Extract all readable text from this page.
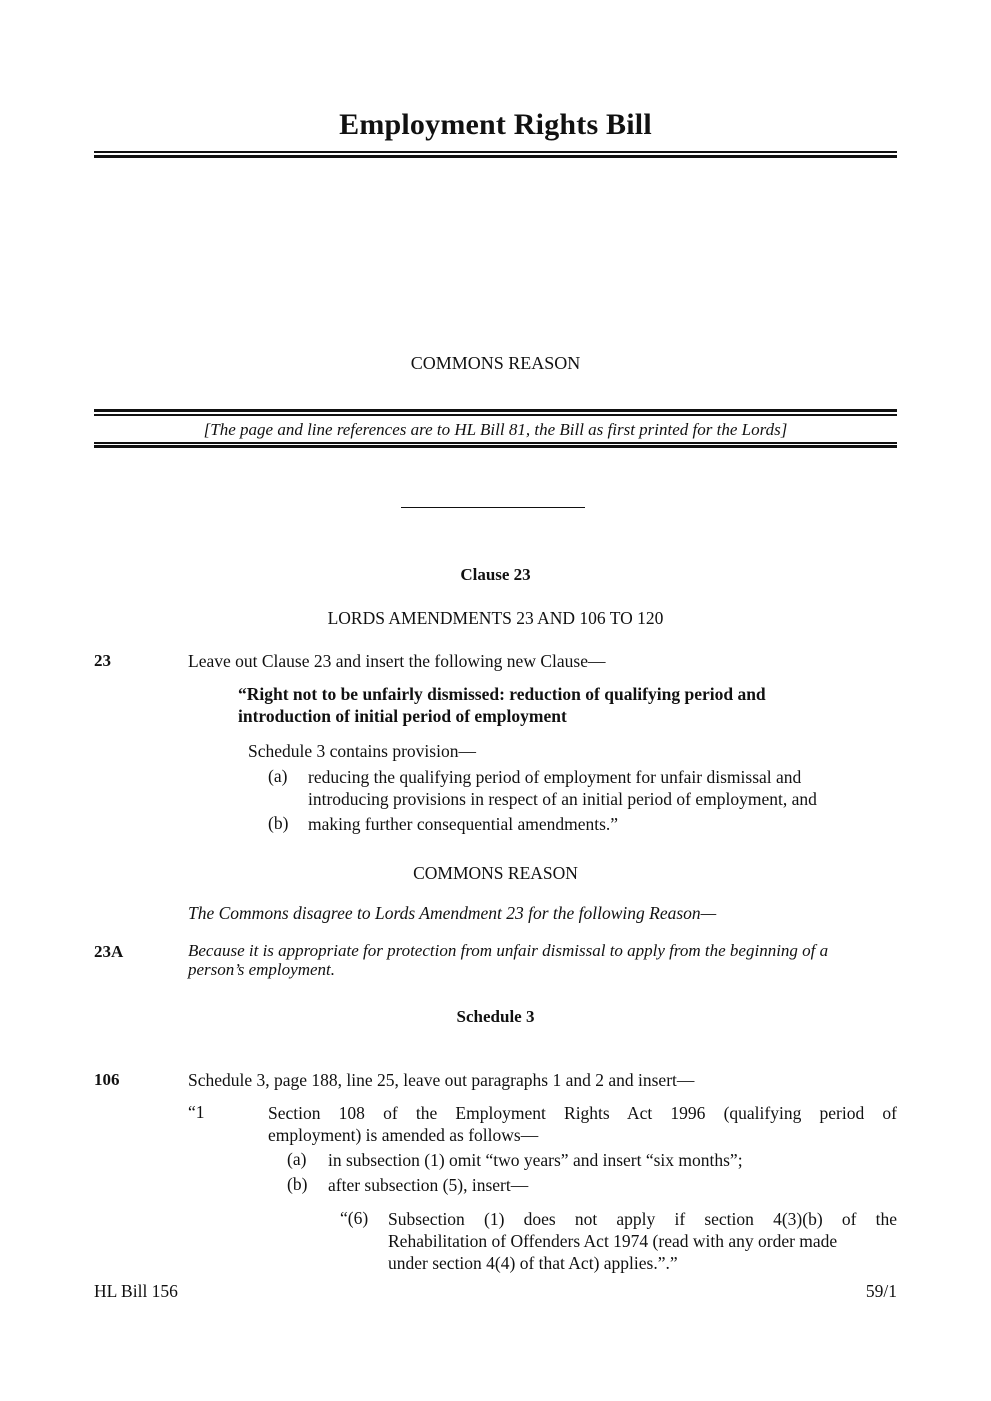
Employment Rights Bill
COMMONS REASON
[The page and line references are to HL Bill 81, the Bill as first printed for the Lords]
Clause 23
LORDS AMENDMENTS 23 AND 106 TO 120
23	Leave out Clause 23 and insert the following new Clause—
“Right not to be unfairly dismissed: reduction of qualifying period and
introduction of initial period of employment
Schedule 3 contains provision—
(a) reducing the qualifying period of employment for unfair dismissal and
introducing provisions in respect of an initial period of employment, and
(b) making further consequential amendments.”
COMMONS REASON
The Commons disagree to Lords Amendment 23 for the following Reason—
23A	Because it is appropriate for protection from unfair dismissal to apply from the beginning of a
person’s employment.
Schedule 3
106	Schedule 3, page 188, line 25, leave out paragraphs 1 and 2 and insert—
“1	Section 108 of the Employment Rights Act 1996 (qualifying period of
employment) is amended as follows—
(a) in subsection (1) omit “two years” and insert “six months”;
(b) after subsection (5), insert—
“(6) Subsection (1) does not apply if section 4(3)(b) of the
Rehabilitation of Offenders Act 1974 (read with any order made
under section 4(4) of that Act) applies.”.”
HL Bill 156	59/1
